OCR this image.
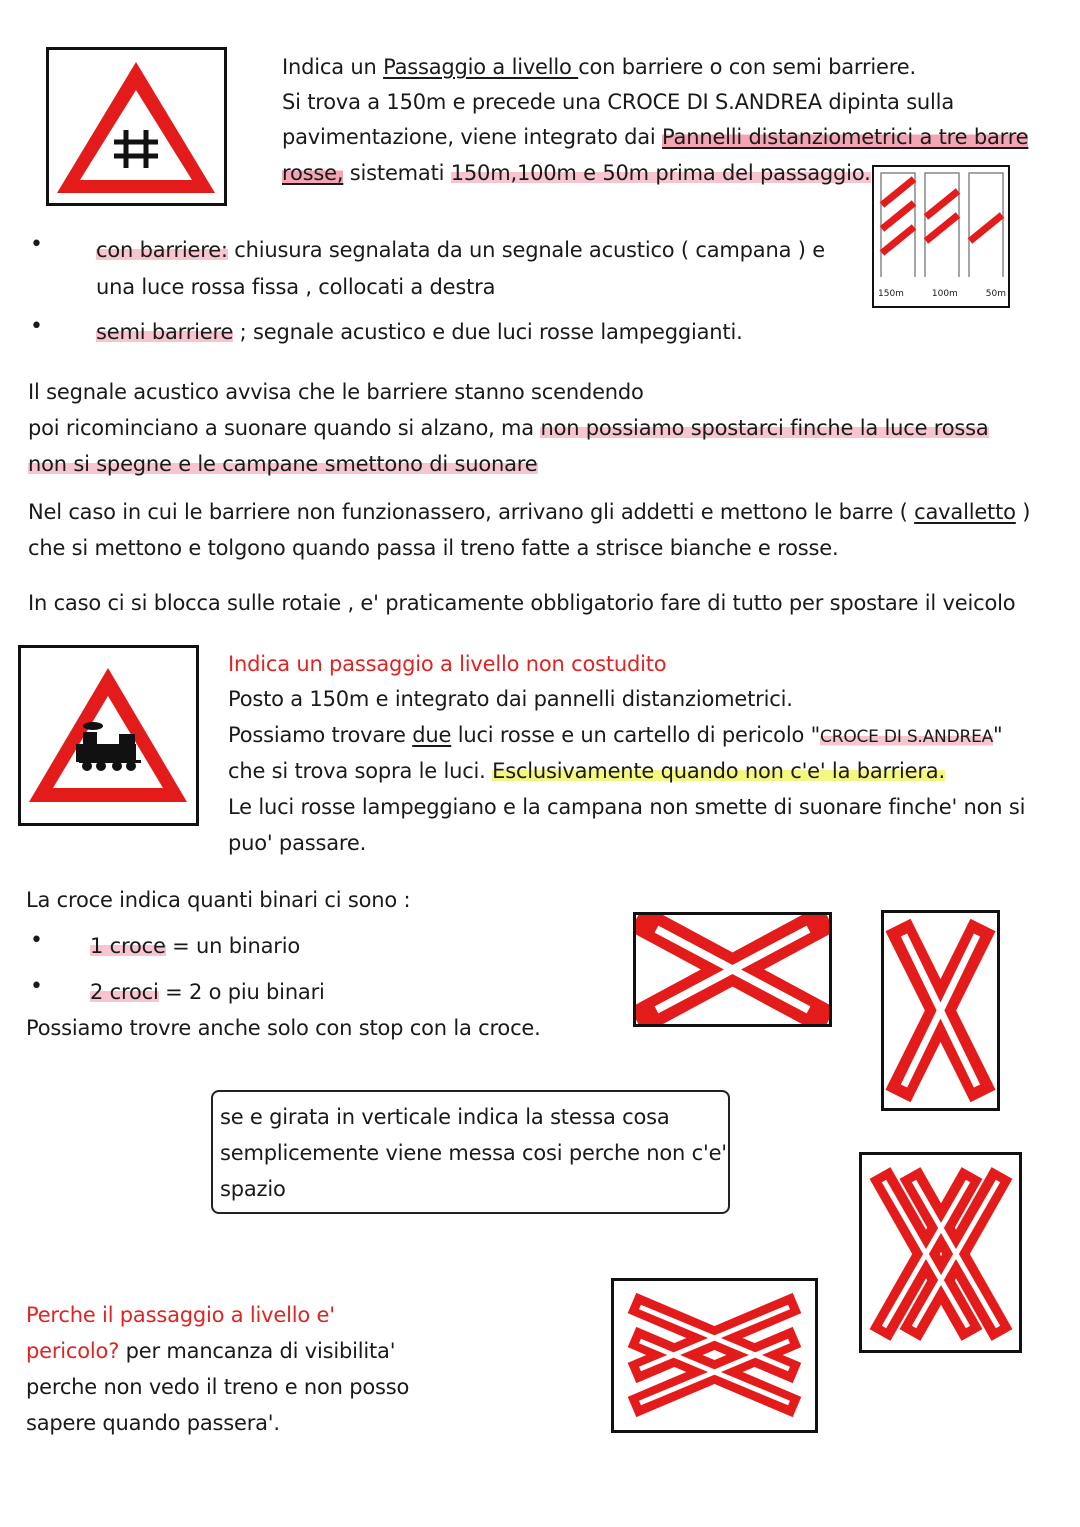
Indica un Passaggio a livello con barriere o con semi barriere.
Si trova a 150m e precede una CROCE DI S.ANDREA dipinta sulla
pavimentazione, viene integrato dai Pannelli distanziometrici a tre barre
rosse, sistemati 150m,100m e 50m prima del passaggio.
150m	100m	50m
•	con barriere: chiusura segnalata da un segnale acustico ( campana ) e
una luce rossa fissa , collocati a destra
•	semi barriere ; segnale acustico e due luci rosse lampeggianti.
Il segnale acustico avvisa che le barriere stanno scendendo
poi ricominciano a suonare quando si alzano, ma non possiamo spostarci finche la luce rossa
non si spegne e le campane smettono di suonare
Nel caso in cui le barriere non funzionassero, arrivano gli addetti e mettono le barre ( cavalletto )
che si mettono e tolgono quando passa il treno fatte a strisce bianche e rosse.
In caso ci si blocca sulle rotaie , e' praticamente obbligatorio fare di tutto per spostare il veicolo
Indica un passaggio a livello non costudito
Posto a 150m e integrato dai pannelli distanziometrici.
Possiamo trovare due luci rosse e un cartello di pericolo "CROCE DI S.ANDREA"
che si trova sopra le luci. Esclusivamente quando non c'e' la barriera.
Le luci rosse lampeggiano e la campana non smette di suonare finche' non si
puo' passare.
La croce indica quanti binari ci sono :
• 1 croce = un binario
• 2 croci = 2 o piu binari
Possiamo trovre anche solo con stop con la croce.
se e girata in verticale indica la stessa cosa
semplicemente viene messa cosi perche non c'e'
spazio
Perche il passaggio a livello e'
pericolo? per mancanza di visibilita'
perche non vedo il treno e non posso
sapere quando passera'.
